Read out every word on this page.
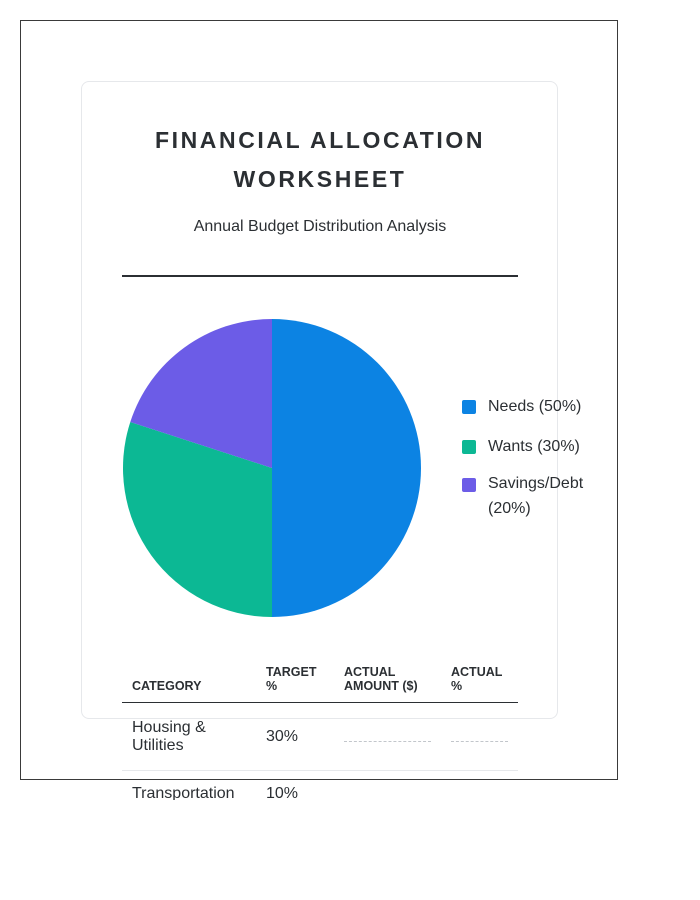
FINANCIAL ALLOCATION WORKSHEET
Annual Budget Distribution Analysis
Needs (50%)
Wants (30%)
Savings/Debt (20%)
CATEGORY	TARGET %	ACTUAL AMOUNT ($)	ACTUAL %
Housing & Utilities	30%	

Transportation	10%	
